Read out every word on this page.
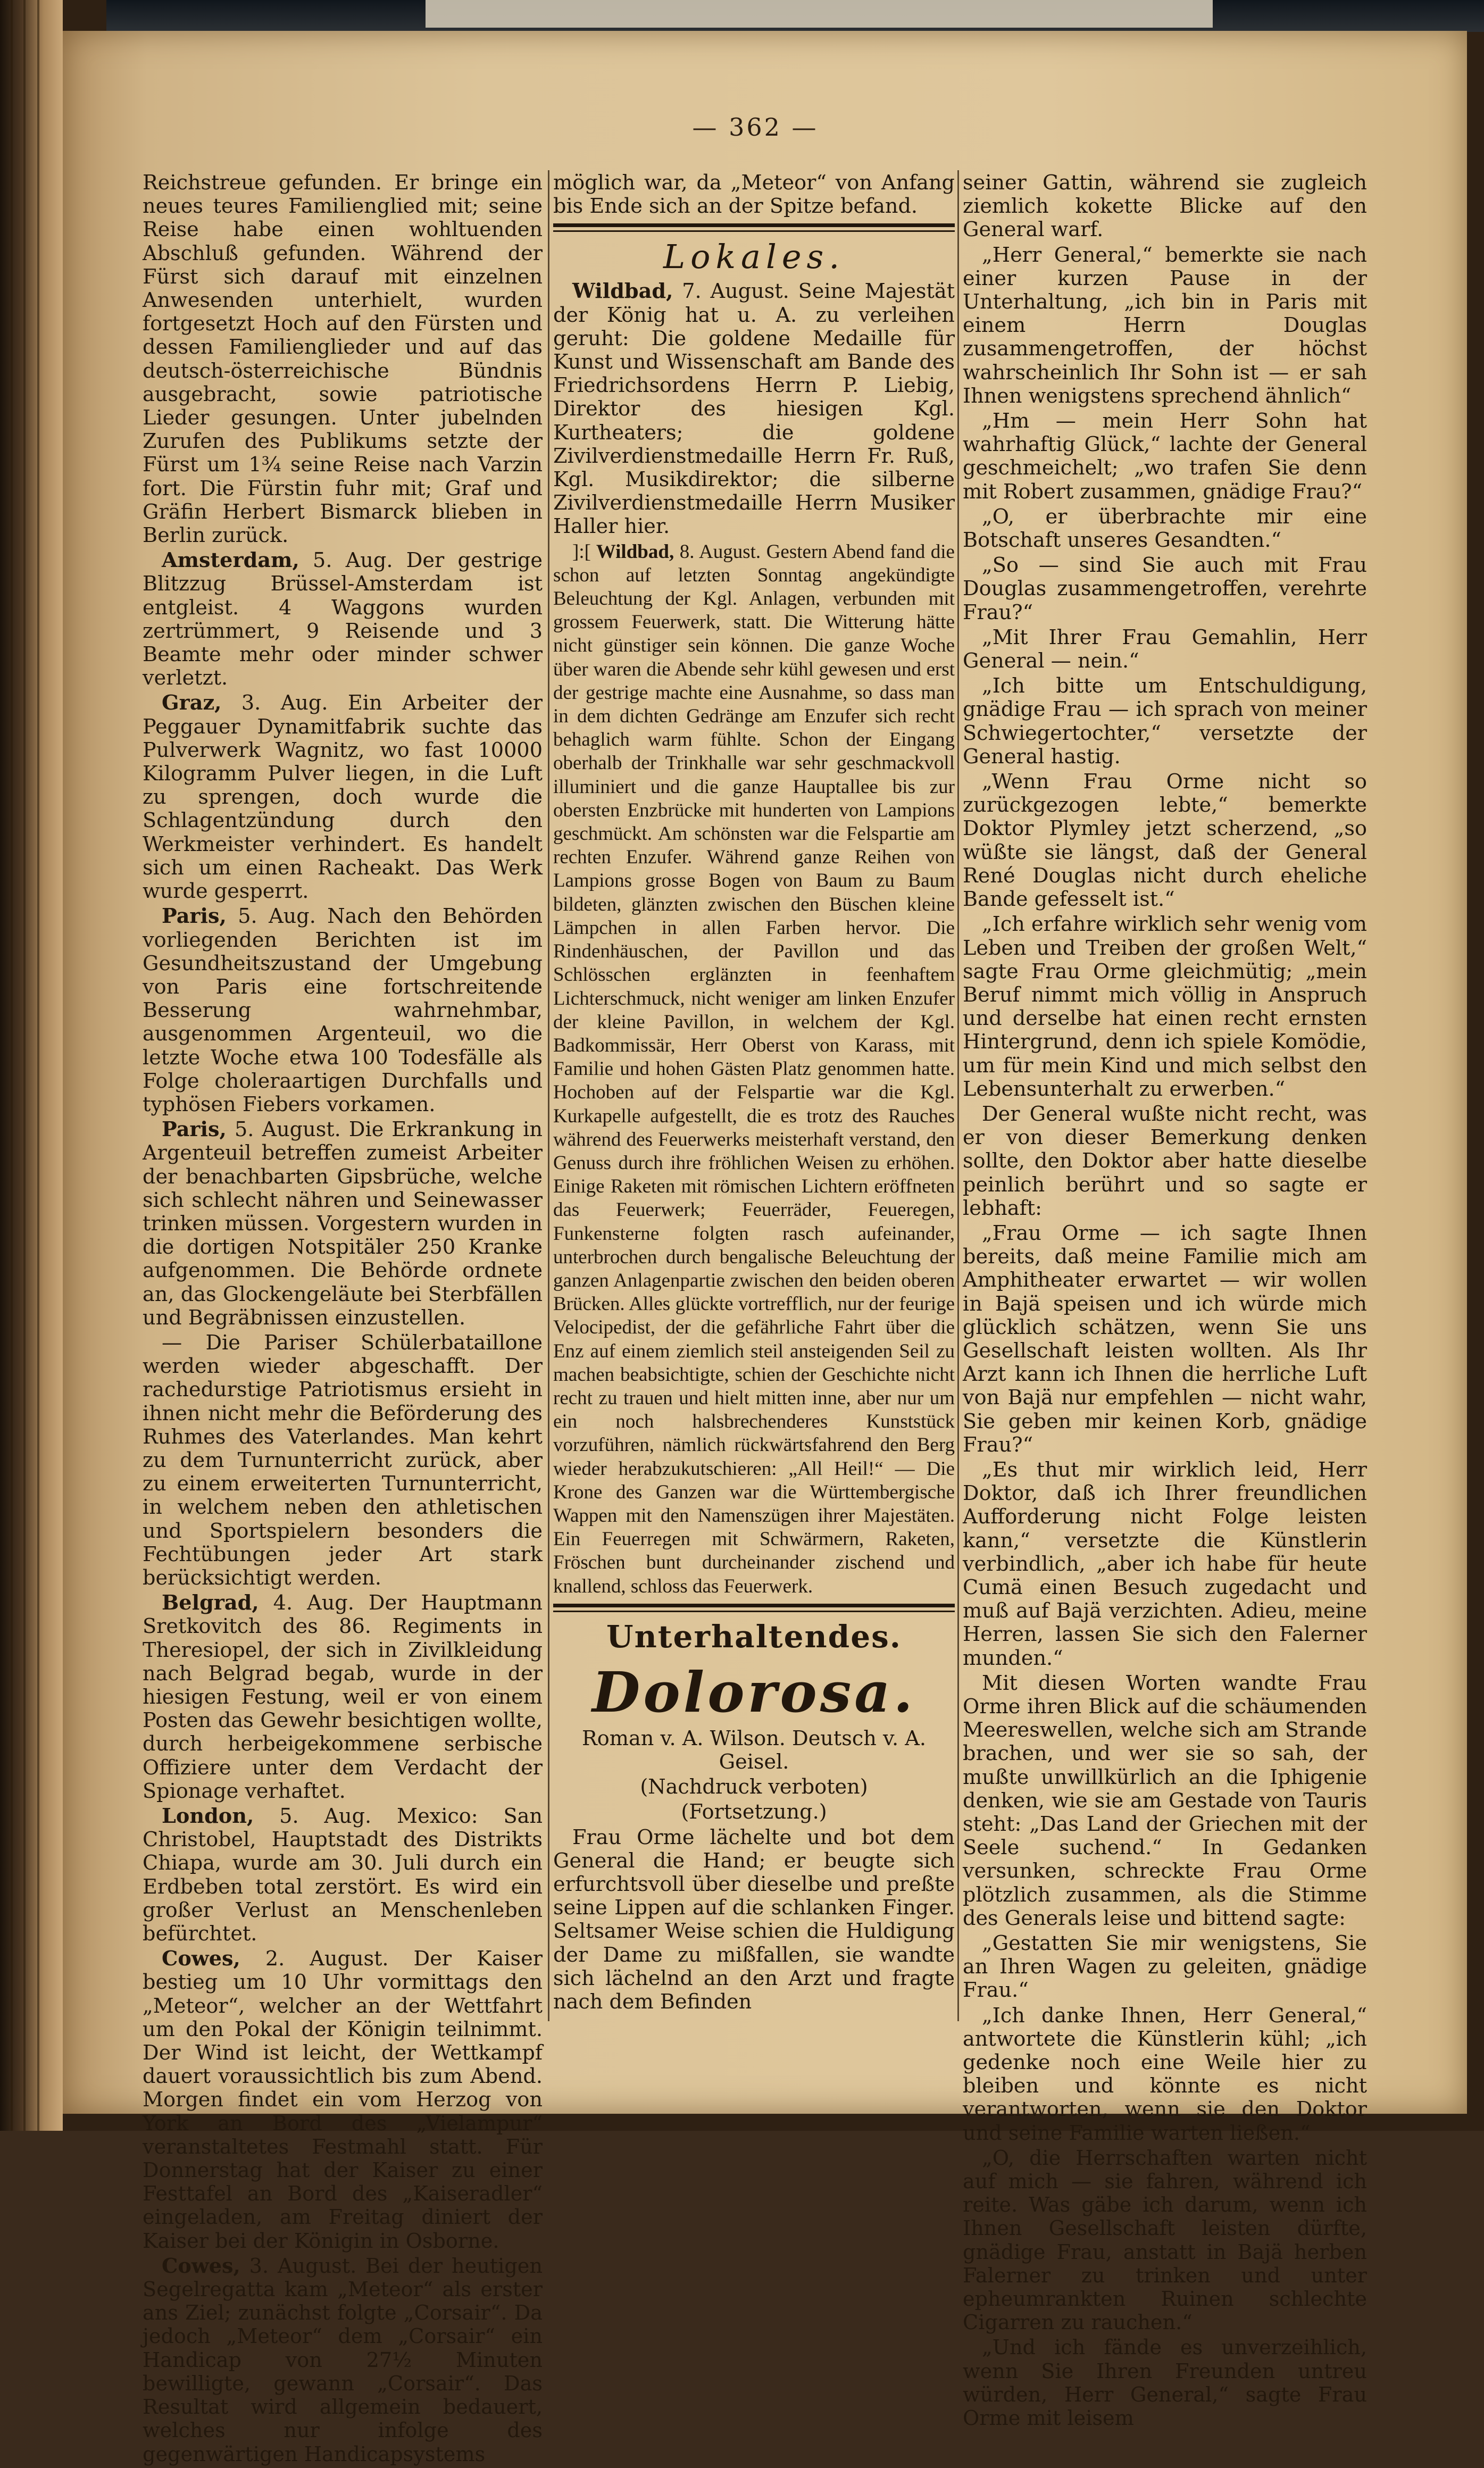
— 362 —

Reichstreue gefunden. Er bringe ein neues teures Familienglied mit; seine Reise habe einen wohltuenden Abschluß gefunden. Während der Fürst sich darauf mit einzelnen Anwesenden unterhielt, wurden fortgesetzt Hoch auf den Fürsten und dessen Familienglieder und auf das deutsch-österreichische Bündnis ausgebracht, sowie patriotische Lieder gesungen. Unter jubelnden Zurufen des Publikums setzte der Fürst um 1¾ seine Reise nach Varzin fort. Die Fürstin fuhr mit; Graf und Gräfin Herbert Bismarck blieben in Berlin zurück.

Amsterdam, 5. Aug. Der gestrige Blitzzug Brüssel-Amsterdam ist entgleist. 4 Waggons wurden zertrümmert, 9 Reisende und 3 Beamte mehr oder minder schwer verletzt.

Graz, 3. Aug. Ein Arbeiter der Peggauer Dynamitfabrik suchte das Pulverwerk Wagnitz, wo fast 10000 Kilogramm Pulver liegen, in die Luft zu sprengen, doch wurde die Schlagentzündung durch den Werkmeister verhindert. Es handelt sich um einen Racheakt. Das Werk wurde gesperrt.

Paris, 5. Aug. Nach den Behörden vorliegenden Berichten ist im Gesundheitszustand der Umgebung von Paris eine fortschreitende Besserung wahrnehmbar, ausgenommen Argenteuil, wo die letzte Woche etwa 100 Todesfälle als Folge choleraartigen Durchfalls und typhösen Fiebers vorkamen.

Paris, 5. August. Die Erkrankung in Argenteuil betreffen zumeist Arbeiter der benachbarten Gipsbrüche, welche sich schlecht nähren und Seinewasser trinken müssen. Vorgestern wurden in die dortigen Notspitäler 250 Kranke aufgenommen. Die Behörde ordnete an, das Glockengeläute bei Sterbfällen und Begräbnissen einzustellen.

— Die Pariser Schülerbataillone werden wieder abgeschafft. Der rachedurstige Patriotismus ersieht in ihnen nicht mehr die Beförderung des Ruhmes des Vaterlandes. Man kehrt zu dem Turnunterricht zurück, aber zu einem erweiterten Turnunterricht, in welchem neben den athletischen und Sportspielern besonders die Fechtübungen jeder Art stark berücksichtigt werden.

Belgrad, 4. Aug. Der Hauptmann Sretkovitch des 86. Regiments in Theresiopel, der sich in Zivilkleidung nach Belgrad begab, wurde in der hiesigen Festung, weil er von einem Posten das Gewehr besichtigen wollte, durch herbeigekommene serbische Offiziere unter dem Verdacht der Spionage verhaftet.

London, 5. Aug. Mexico: San Christobel, Hauptstadt des Distrikts Chiapa, wurde am 30. Juli durch ein Erdbeben total zerstört. Es wird ein großer Verlust an Menschenleben befürchtet.

Cowes, 2. August. Der Kaiser bestieg um 10 Uhr vormittags den „Meteor“, welcher an der Wettfahrt um den Pokal der Königin teilnimmt. Der Wind ist leicht, der Wettkampf dauert voraussichtlich bis zum Abend. Morgen findet ein vom Herzog von York an Bord des „Vielampur“ veranstaltetes Festmahl statt. Für Donnerstag hat der Kaiser zu einer Festtafel an Bord des „Kaiseradler“ eingeladen, am Freitag diniert der Kaiser bei der Königin in Osborne.

Cowes, 3. August. Bei der heutigen Segelregatta kam „Meteor“ als erster ans Ziel; zunächst folgte „Corsair“. Da jedoch „Meteor“ dem „Corsair“ ein Handicap von 27½ Minuten bewilligte, gewann „Corsair“. Das Resultat wird allgemein bedauert, welches nur infolge des gegenwärtigen Handicapsystems

möglich war, da „Meteor“ von Anfang bis Ende sich an der Spitze befand.

Lokales.

Wildbad, 7. August. Seine Majestät der König hat u. A. zu verleihen geruht: Die goldene Medaille für Kunst und Wissenschaft am Bande des Friedrichsordens Herrn P. Liebig, Direktor des hiesigen Kgl. Kurtheaters; die goldene Zivilverdienstmedaille Herrn Fr. Ruß, Kgl. Musikdirektor; die silberne Zivilverdienstmedaille Herrn Musiker Haller hier.

]:[ Wildbad, 8. August. Gestern Abend fand die schon auf letzten Sonntag angekündigte Beleuchtung der Kgl. Anlagen, verbunden mit grossem Feuerwerk, statt. Die Witterung hätte nicht günstiger sein können. Die ganze Woche über waren die Abende sehr kühl gewesen und erst der gestrige machte eine Ausnahme, so dass man in dem dichten Gedränge am Enzufer sich recht behaglich warm fühlte. Schon der Eingang oberhalb der Trinkhalle war sehr geschmackvoll illuminiert und die ganze Hauptallee bis zur obersten Enzbrücke mit hunderten von Lampions geschmückt. Am schönsten war die Felspartie am rechten Enzufer. Während ganze Reihen von Lampions grosse Bogen von Baum zu Baum bildeten, glänzten zwischen den Büschen kleine Lämpchen in allen Farben hervor. Die Rindenhäuschen, der Pavillon und das Schlösschen erglänzten in feenhaftem Lichterschmuck, nicht weniger am linken Enzufer der kleine Pavillon, in welchem der Kgl. Badkommissär, Herr Oberst von Karass, mit Familie und hohen Gästen Platz genommen hatte. Hochoben auf der Felspartie war die Kgl. Kurkapelle aufgestellt, die es trotz des Rauches während des Feuerwerks meisterhaft verstand, den Genuss durch ihre fröhlichen Weisen zu erhöhen. Einige Raketen mit römischen Lichtern eröffneten das Feuerwerk; Feuerräder, Feueregen, Funkensterne folgten rasch aufeinander, unterbrochen durch bengalische Beleuchtung der ganzen Anlagenpartie zwischen den beiden oberen Brücken. Alles glückte vortrefflich, nur der feurige Velocipedist, der die gefährliche Fahrt über die Enz auf einem ziemlich steil ansteigenden Seil zu machen beabsichtigte, schien der Geschichte nicht recht zu trauen und hielt mitten inne, aber nur um ein noch halsbrechenderes Kunststück vorzuführen, nämlich rückwärtsfahrend den Berg wieder herabzukutschieren: „All Heil!“ — Die Krone des Ganzen war die Württembergische Wappen mit den Namenszügen ihrer Majestäten. Ein Feuerregen mit Schwärmern, Raketen, Fröschen bunt durcheinander zischend und knallend, schloss das Feuerwerk.

Unterhaltendes.
Dolorosa.

Roman v. A. Wilson. Deutsch v. A. Geisel.

(Nachdruck verboten)

(Fortsetzung.)

Frau Orme lächelte und bot dem General die Hand; er beugte sich erfurchtsvoll über dieselbe und preßte seine Lippen auf die schlanken Finger. Seltsamer Weise schien die Huldigung der Dame zu mißfallen, sie wandte sich lächelnd an den Arzt und fragte nach dem Befinden

seiner Gattin, während sie zugleich ziemlich kokette Blicke auf den General warf.

„Herr General,“ bemerkte sie nach einer kurzen Pause in der Unterhaltung, „ich bin in Paris mit einem Herrn Douglas zusammengetroffen, der höchst wahrscheinlich Ihr Sohn ist — er sah Ihnen wenigstens sprechend ähnlich“

„Hm — mein Herr Sohn hat wahrhaftig Glück,“ lachte der General geschmeichelt; „wo trafen Sie denn mit Robert zusammen, gnädige Frau?“

„O, er überbrachte mir eine Botschaft unseres Gesandten.“

„So — sind Sie auch mit Frau Douglas zusammengetroffen, verehrte Frau?“

„Mit Ihrer Frau Gemahlin, Herr General — nein.“

„Ich bitte um Entschuldigung, gnädige Frau — ich sprach von meiner Schwiegertochter,“ versetzte der General hastig.

„Wenn Frau Orme nicht so zurückgezogen lebte,“ bemerkte Doktor Plymley jetzt scherzend, „so wüßte sie längst, daß der General René Douglas nicht durch eheliche Bande gefesselt ist.“

„Ich erfahre wirklich sehr wenig vom Leben und Treiben der großen Welt,“ sagte Frau Orme gleichmütig; „mein Beruf nimmt mich völlig in Anspruch und derselbe hat einen recht ernsten Hintergrund, denn ich spiele Komödie, um für mein Kind und mich selbst den Lebensunterhalt zu erwerben.“

Der General wußte nicht recht, was er von dieser Bemerkung denken sollte, den Doktor aber hatte dieselbe peinlich berührt und so sagte er lebhaft:

„Frau Orme — ich sagte Ihnen bereits, daß meine Familie mich am Amphitheater erwartet — wir wollen in Bajä speisen und ich würde mich glücklich schätzen, wenn Sie uns Gesellschaft leisten wollten. Als Ihr Arzt kann ich Ihnen die herrliche Luft von Bajä nur empfehlen — nicht wahr, Sie geben mir keinen Korb, gnädige Frau?“

„Es thut mir wirklich leid, Herr Doktor, daß ich Ihrer freundlichen Aufforderung nicht Folge leisten kann,“ versetzte die Künstlerin verbindlich, „aber ich habe für heute Cumä einen Besuch zugedacht und muß auf Bajä verzichten. Adieu, meine Herren, lassen Sie sich den Falerner munden.“

Mit diesen Worten wandte Frau Orme ihren Blick auf die schäumenden Meereswellen, welche sich am Strande brachen, und wer sie so sah, der mußte unwillkürlich an die Iphigenie denken, wie sie am Gestade von Tauris steht: „Das Land der Griechen mit der Seele suchend.“ In Gedanken versunken, schreckte Frau Orme plötzlich zusammen, als die Stimme des Generals leise und bittend sagte:

„Gestatten Sie mir wenigstens, Sie an Ihren Wagen zu geleiten, gnädige Frau.“

„Ich danke Ihnen, Herr General,“ antwortete die Künstlerin kühl; „ich gedenke noch eine Weile hier zu bleiben und könnte es nicht verantworten, wenn sie den Doktor und seine Familie warten ließen.“

„O, die Herrschaften warten nicht auf mich — sie fahren, während ich reite. Was gäbe ich darum, wenn ich Ihnen Gesellschaft leisten dürfte, gnädige Frau, anstatt in Bajä herben Falerner zu trinken und unter epheumrankten Ruinen schlechte Cigarren zu rauchen.“

„Und ich fände es unverzeihlich, wenn Sie Ihren Freunden untreu würden, Herr General,“ sagte Frau Orme mit leisem
